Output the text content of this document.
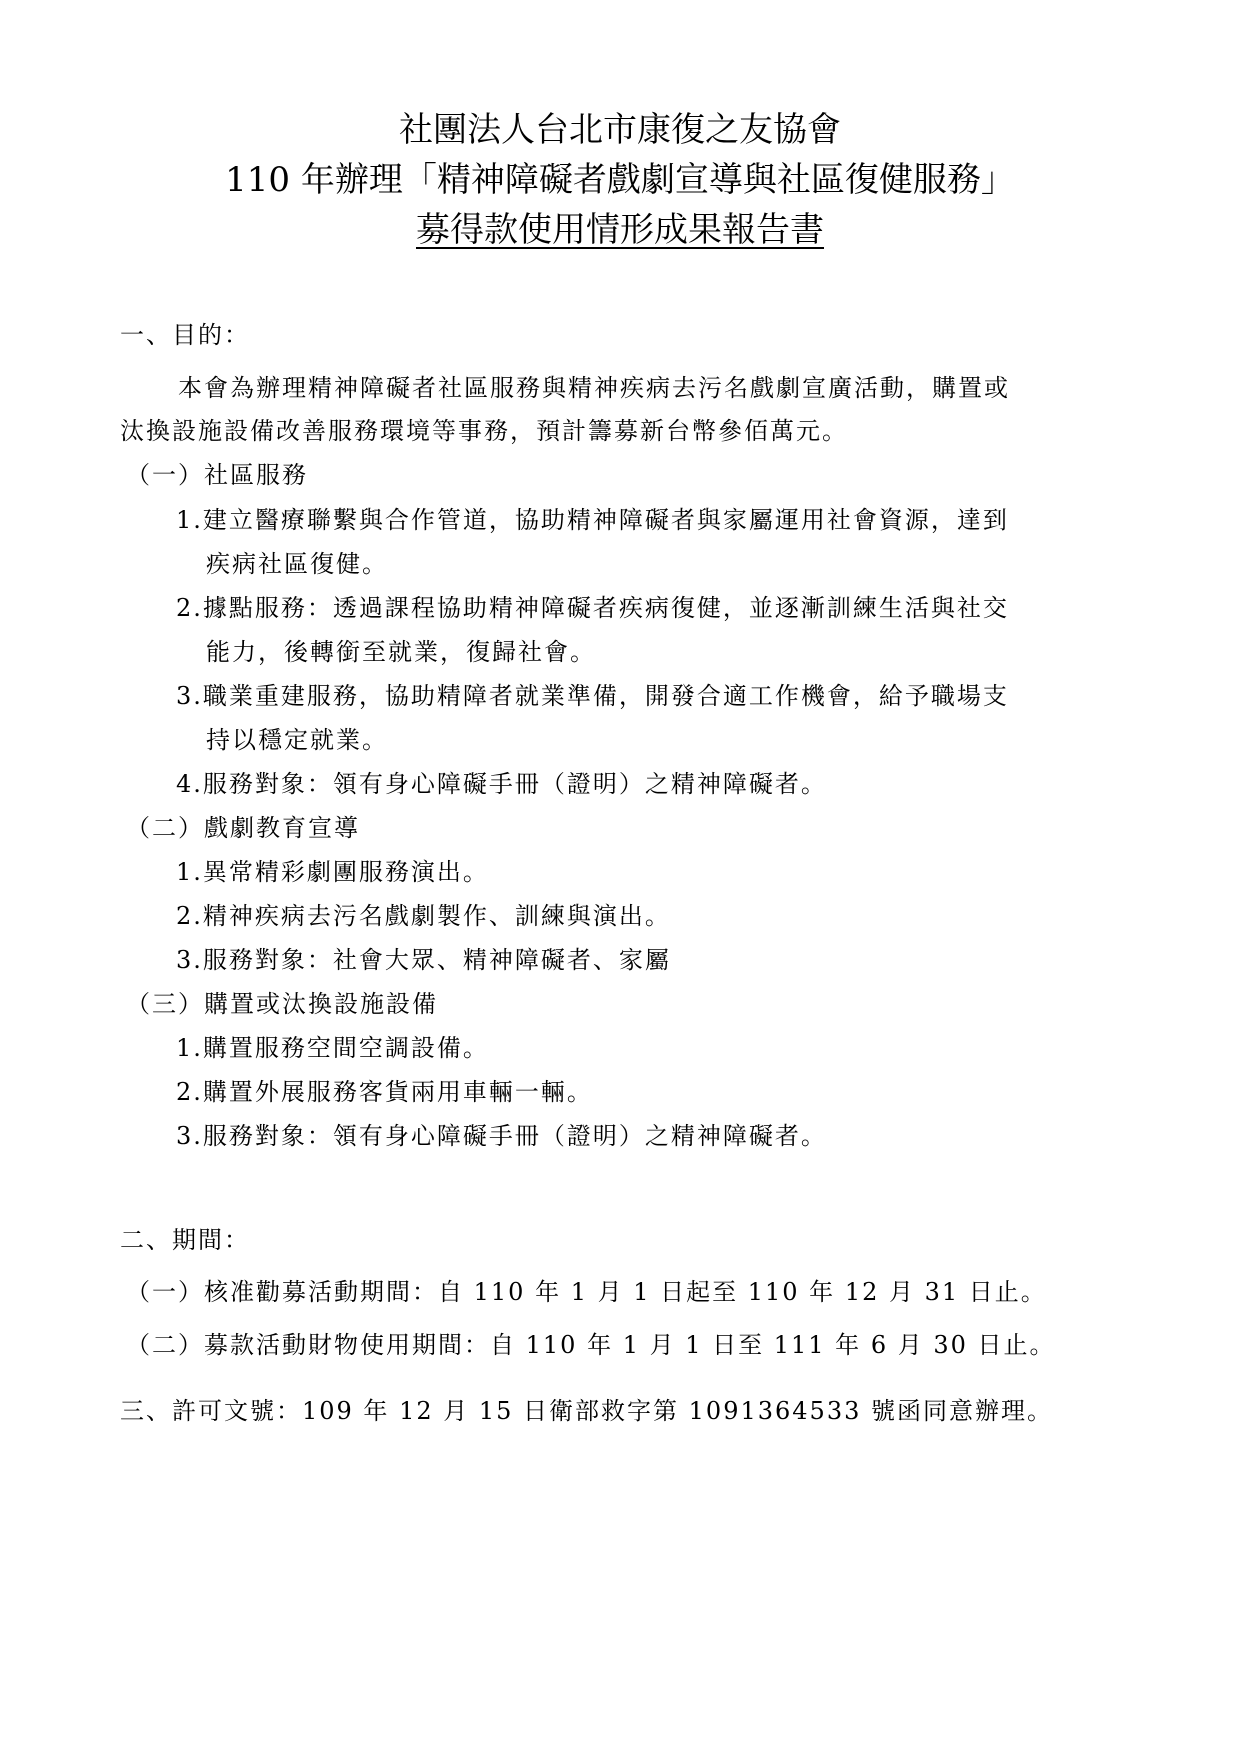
社團法人台北市康復之友協會
110 年辦理「精神障礙者戲劇宣導與社區復健服務」
募得款使用情形成果報告書
一、目的：
本會為辦理精神障礙者社區服務與精神疾病去污名戲劇宣廣活動，購置或
汰換設施設備改善服務環境等事務，預計籌募新台幣參佰萬元。
（一）社區服務
1.建立醫療聯繫與合作管道，協助精神障礙者與家屬運用社會資源，達到
疾病社區復健。
2.據點服務：透過課程協助精神障礙者疾病復健，並逐漸訓練生活與社交
能力，後轉銜至就業，復歸社會。
3.職業重建服務，協助精障者就業準備，開發合適工作機會，給予職場支
持以穩定就業。
4.服務對象：領有身心障礙手冊（證明）之精神障礙者。
（二）戲劇教育宣導
1.異常精彩劇團服務演出。
2.精神疾病去污名戲劇製作、訓練與演出。
3.服務對象：社會大眾、精神障礙者、家屬
（三）購置或汰換設施設備
1.購置服務空間空調設備。
2.購置外展服務客貨兩用車輛一輛。
3.服務對象：領有身心障礙手冊（證明）之精神障礙者。
二、期間：
（一）核准勸募活動期間：自 110 年 1 月 1 日起至 110 年 12 月 31 日止。
（二）募款活動財物使用期間：自 110 年 1 月 1 日至 111 年 6 月 30 日止。
三、許可文號：109 年 12 月 15 日衛部救字第 1091364533 號函同意辦理。
